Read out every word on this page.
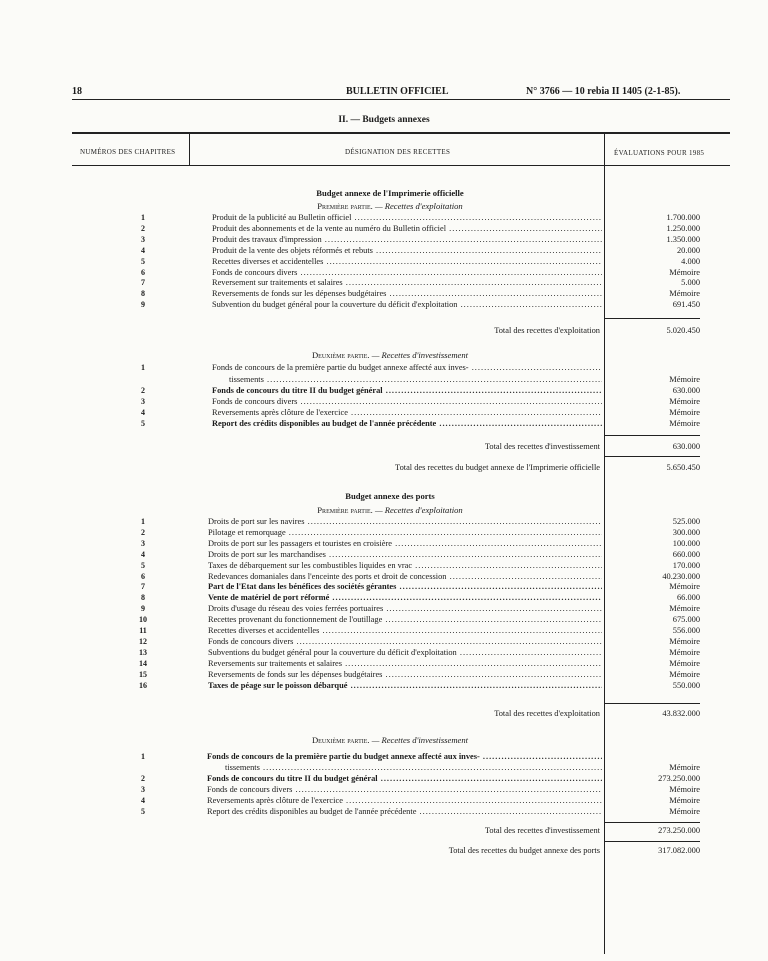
18	BULLETIN OFFICIEL	N° 3766 — 10 rebia II 1405 (2-1-85).
II. — Budgets annexes
NUMÉROS DES CHAPITRES	DÉSIGNATION DES RECETTES	ÉVALUATIONS POUR 1985
Budget annexe de l'Imprimerie officielle
Première partie. — Recettes d'exploitation
1	Produit de la publicité au Bulletin officiel .....	1.700.000
2	Produit des abonnements et de la vente au numéro du Bulletin officiel .....	1.250.000
3	Produit des travaux d'impression .....	1.350.000
4	Produit de la vente des objets réformés et rebuts .....	20.000
5	Recettes diverses et accidentelles .....	4.000
6	Fonds de concours divers .....	Mémoire
7	Reversement sur traitements et salaires .....	5.000
8	Reversements de fonds sur les dépenses budgétaires .....	Mémoire
9	Subvention du budget général pour la couverture du déficit d'exploitation .....	691.450
Total des recettes d'exploitation	5.020.450
Deuxième partie. — Recettes d'investissement
1	Fonds de concours de la première partie du budget annexe affecté aux inves- .....
tissements .....	Mémoire
2	Fonds de concours du titre II du budget général .....	630.000
3	Fonds de concours divers .....	Mémoire
4	Reversements après clôture de l'exercice .....	Mémoire
5	Report des crédits disponibles au budget de l'année précédente .....	Mémoire
Total des recettes d'investissement	630.000
Total des recettes du budget annexe de l'Imprimerie officielle	5.650.450
Budget annexe des ports
Première partie. — Recettes d'exploitation
1	Droits de port sur les navires .....	525.000
2	Pilotage et remorquage .....	300.000
3	Droits de port sur les passagers et touristes en croisière .....	100.000
4	Droits de port sur les marchandises .....	660.000
5	Taxes de débarquement sur les combustibles liquides en vrac .....	170.000
6	Redevances domaniales dans l'enceinte des ports et droit de concession .....	40.230.000
7	Part de l'Etat dans les bénéfices des sociétés gérantes .....	Mémoire
8	Vente de matériel de port réformé .....	66.000
9	Droits d'usage du réseau des voies ferrées portuaires .....	Mémoire
10	Recettes provenant du fonctionnement de l'outillage .....	675.000
11	Recettes diverses et accidentelles .....	556.000
12	Fonds de concours divers .....	Mémoire
13	Subventions du budget général pour la couverture du déficit d'exploitation .....	Mémoire
14	Reversements sur traitements et salaires .....	Mémoire
15	Reversements de fonds sur les dépenses budgétaires .....	Mémoire
16	Taxes de péage sur le poisson débarqué .....	550.000
Total des recettes d'exploitation	43.832.000
Deuxième partie. — Recettes d'investissement
1	Fonds de concours de la première partie du budget annexe affecté aux inves- .....
tissements .....	Mémoire
2	Fonds de concours du titre II du budget général .....	273.250.000
3	Fonds de concours divers .....	Mémoire
4	Reversements après clôture de l'exercice .....	Mémoire
5	Report des crédits disponibles au budget de l'année précédente .....	Mémoire
Total des recettes d'investissement	273.250.000
Total des recettes du budget annexe des ports	317.082.000
